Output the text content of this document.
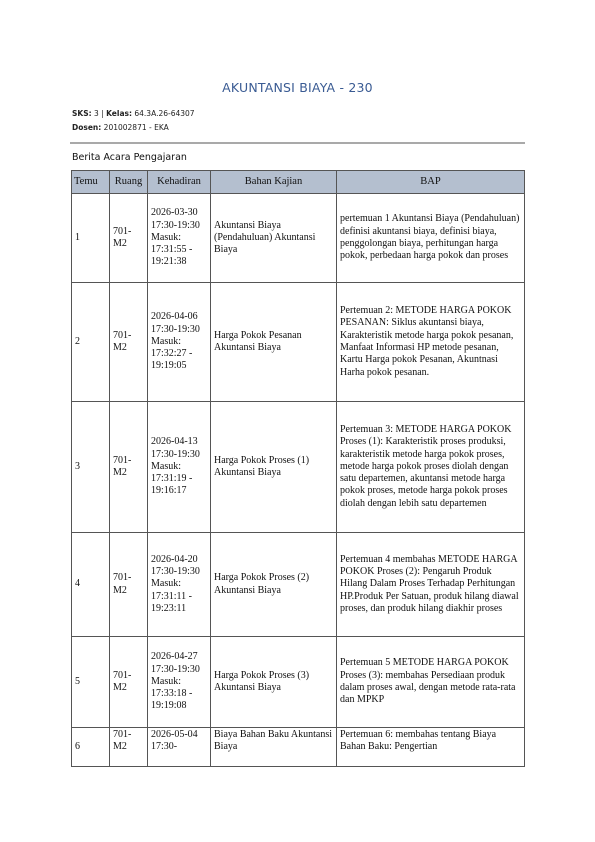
AKUNTANSI BIAYA - 230
SKS: 3 | Kelas: 64.3A.26-64307
Dosen: 201002871 - EKA
Berita Acara Pengajaran
Temu	Ruang	Kehadiran	Bahan Kajian	BAP
1	701-M2	2026-03-30 17:30-19:30 Masuk: 17:31:55 - 19:21:38	Akuntansi Biaya (Pendahuluan) Akuntansi Biaya	pertemuan 1 Akuntansi Biaya (Pendahuluan) definisi akuntansi biaya, definisi biaya, penggolongan biaya, perhitungan harga pokok, perbedaan harga pokok dan proses
2	701-M2	2026-04-06 17:30-19:30 Masuk: 17:32:27 - 19:19:05	Harga Pokok Pesanan Akuntansi Biaya	Pertemuan 2: METODE HARGA POKOK PESANAN: Siklus akuntansi biaya, Karakteristik metode harga pokok pesanan, Manfaat Informasi HP metode pesanan, Kartu Harga pokok Pesanan, Akuntnasi Harha pokok pesanan.
3	701-M2	2026-04-13 17:30-19:30 Masuk: 17:31:19 - 19:16:17	Harga Pokok Proses (1) Akuntansi Biaya	Pertemuan 3: METODE HARGA POKOK Proses (1): Karakteristik proses produksi, karakteristik metode harga pokok proses, metode harga pokok proses diolah dengan satu departemen, akuntansi metode harga pokok proses, metode harga pokok proses diolah dengan lebih satu departemen
4	701-M2	2026-04-20 17:30-19:30 Masuk: 17:31:11 - 19:23:11	Harga Pokok Proses (2) Akuntansi Biaya	Pertemuan 4 membahas METODE HARGA POKOK Proses (2): Pengaruh Produk Hilang Dalam Proses Terhadap Perhitungan HP.Produk Per Satuan, produk hilang diawal proses, dan produk hilang diakhir proses
5	701-M2	2026-04-27 17:30-19:30 Masuk: 17:33:18 - 19:19:08	Harga Pokok Proses (3) Akuntansi Biaya	Pertemuan 5 METODE HARGA POKOK Proses (3): membahas Persediaan produk dalam proses awal, dengan metode rata-rata dan MPKP
6	701-M2	2026-05-04 17:30-	Biaya Bahan Baku Akuntansi Biaya	Pertemuan 6: membahas tentang Biaya Bahan Baku: Pengertian
